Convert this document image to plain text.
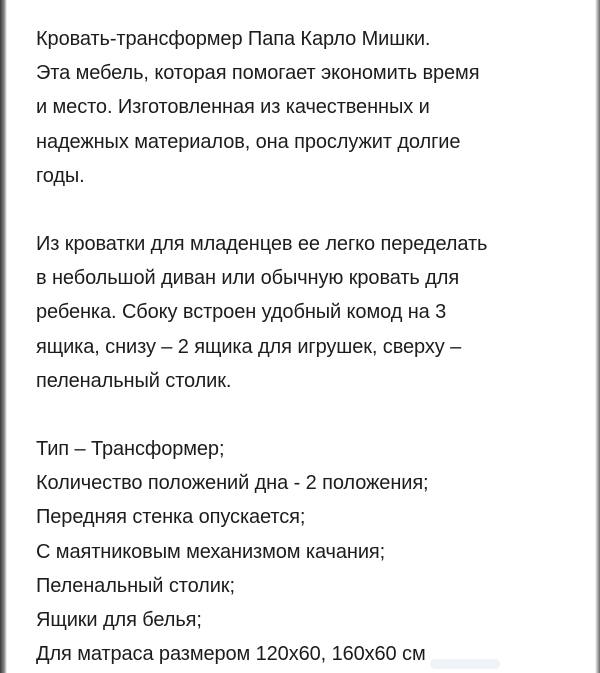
Кровать-трансформер Папа Карло Мишки.
Эта мебель, которая помогает экономить время
и место. Изготовленная из качественных и
надежных материалов, она прослужит долгие
годы.

Из кроватки для младенцев ее легко переделать
в небольшой диван или обычную кровать для
ребенка. Сбоку встроен удобный комод на 3
ящика, снизу – 2 ящика для игрушек, сверху –
пеленальный столик.

Тип – Трансформер;
Количество положений дна - 2 положения;
Передняя стенка опускается;
С маятниковым механизмом качания;
Пеленальный столик;
Ящики для белья;
Для матраса размером 120х60, 160х60 см
